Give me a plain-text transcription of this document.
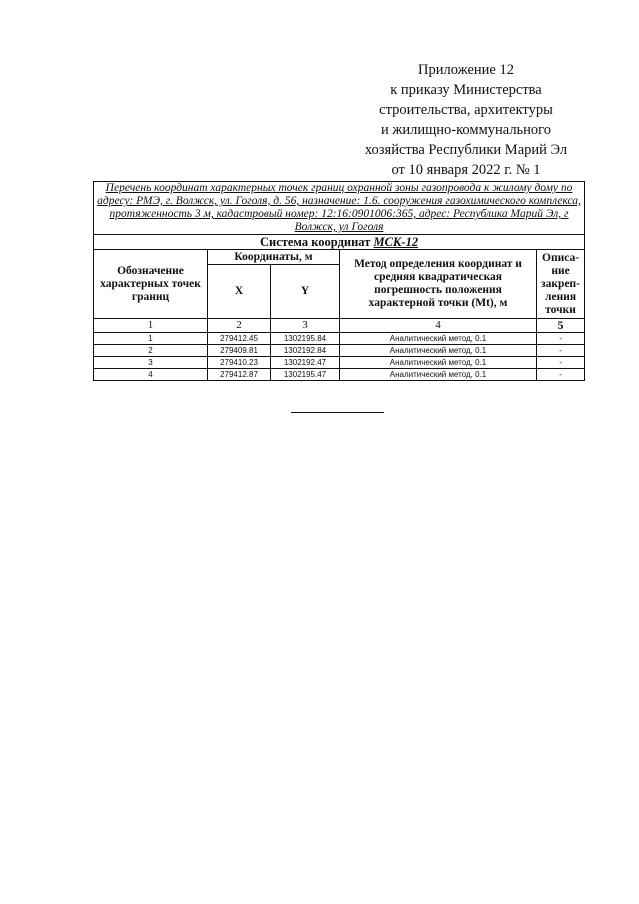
Приложение 12
к приказу Министерства
строительства, архитектуры
и жилищно-коммунального
хозяйства Республики Марий Эл
от 10 января 2022 г. № 1
Перечень координат характерных точек границ охранной зоны газопровода к жилому дому по адресу: РМЭ, г. Волжск, ул. Гоголя, д. 56, назначение: 1.6. сооружения газохимического комплекса, протяженность 3 м, кадастровый номер: 12:16:0901006:365, адрес: Республика Марий Эл, г Волжск, ул Гоголя				
Система координат МСК-12				
Обозначение характерных точек границ	Координаты, м		Метод определения координат и средняя квадратическая погрешность положения характерной точки (Mt), м	Описа-ние закреп-ления точки
	X	Y		
1	2	3	4	5
1	279412.45	1302195.84	Аналитический метод, 0.1	-
2	279409.81	1302192.84	Аналитический метод, 0.1	-
3	279410.23	1302192.47	Аналитический метод, 0.1	-
4	279412.87	1302195.47	Аналитический метод, 0.1	-
